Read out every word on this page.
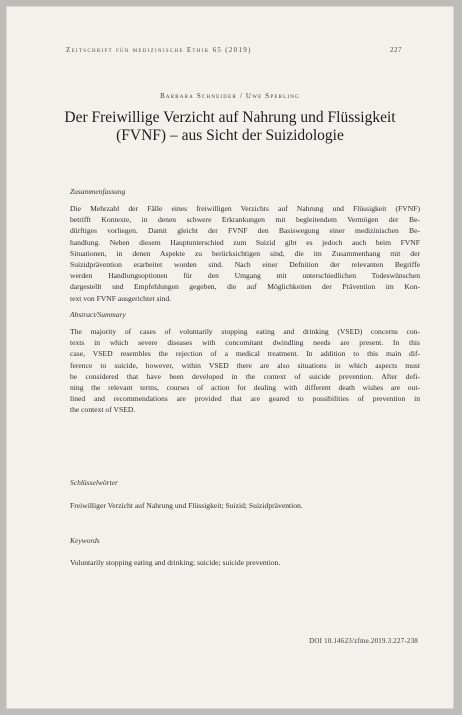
Zeitschrift für medizinische Ethik 65 (2019)	227
Barbara Schneider / Uwe Sperling
Der Freiwillige Verzicht auf Nahrung und Flüssigkeit
(FVNF) – aus Sicht der Suizidologie
Zusammenfassung
Die Mehrzahl der Fälle eines freiwilligen Verzichts auf Nahrung und Flüssigkeit (FVNF)
betrifft Kontexte, in denen schwere Erkrankungen mit begleitendem Vermögen der Be-
dürftiges vorliegen. Damit gleicht der FVNF den Basiswegung einer medizinischen Be-
handlung. Neben diesem Hauptunterschied zum Suizid gibt es jedoch auch beim FVNF
Situationen, in denen Aspekte zu berücksichtigen sind, die im Zusammenhang mit der
Suizidprävention erarbeitet worden sind. Nach einer Defnition der relevanten Begriffe
werden Handlungsoptionen für den Umgang mit unterschiedlichen Todeswünschen
dargestellt und Empfehlungen gegeben, die auf Möglichkeiten der Prävention im Kon-
text von FVNF ausgerichtet sind.
Abstract/Summary
The majority of cases of voluntarily stopping eating and drinking (VSED) concerns con-
texts in which severe diseases with concomitant dwindling needs are present. In this
case, VSED resembles the rejection of a medical treatment. In addition to this main dif-
ference to suicide, however, within VSED there are also situations in which aspects must
be considered that have been developed in the context of suicide prevention. After defi-
ning the relevant terms, courses of action for dealing with different death wishes are out-
lined and recommendations are provided that are geared to possibilities of prevention in
the context of VSED.
Schlüsselwörter
Freiwilliger Verzicht auf Nahrung und Flüssigkeit; Suizid; Suizidprävention.
Keywords
Voluntarily stopping eating and drinking; suicide; suicide prevention.
DOI 10.14623/zfme.2019.3.227-238
